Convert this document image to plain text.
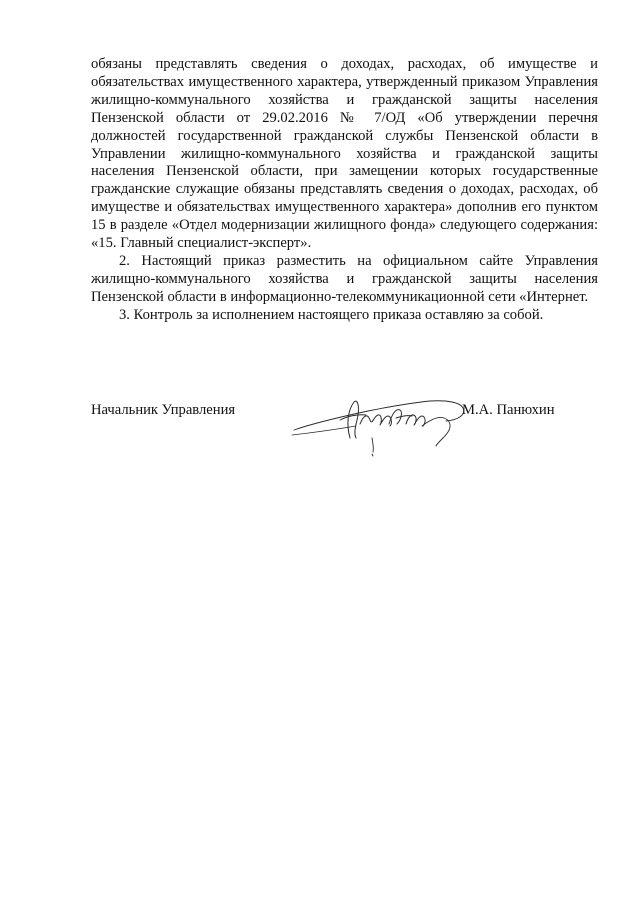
обязаны представлять сведения о доходах, расходах, об имуществе и обязательствах имущественного характера, утвержденный приказом Управления жилищно-коммунального хозяйства и гражданской защиты населения Пензенской области от 29.02.2016 № 7/ОД «Об утверждении перечня должностей государственной гражданской службы Пензенской области в Управлении жилищно-коммунального хозяйства и гражданской защиты населения Пензенской области, при замещении которых государственные гражданские служащие обязаны представлять сведения о доходах, расходах, об имуществе и обязательствах имущественного характера» дополнив его пунктом 15 в разделе «Отдел модернизации жилищного фонда» следующего содержания: «15. Главный специалист-эксперт».

2. Настоящий приказ разместить на официальном сайте Управления жилищно-коммунального хозяйства и гражданской защиты населения Пензенской области в информационно-телекоммуникационной сети «Интернет.

3. Контроль за исполнением настоящего приказа оставляю за собой.

Начальник Управления	М.А. Панюхин
